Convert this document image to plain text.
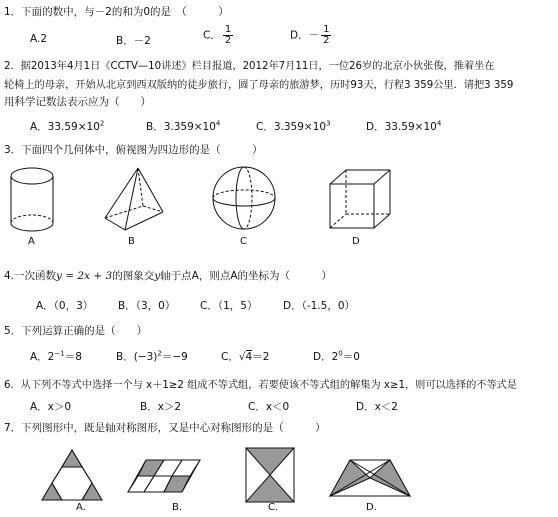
1．下面的数中，与－2的和为0的是　（　　　）
A.2	B．－2	C． $\frac{1}{2}$	D．－ $\frac{1}{2}$
2．据2013年4月1日《CCTV—10讲述》栏目报道，2012年7月11日，一位26岁的北京小伙张俊，推着坐在
轮椅上的母亲，开始从北京到西双版纳的徒步旅行，圆了母亲的旅游梦，历时93天，行程3 359公里．请把3 359
用科学记数法表示应为（　　）
A．$33.59\times 10^2$	B．$3.359\times 10^4$	C．$3.359\times 10^3$	D．$33.59\times 10^4$
3．下面四个几何体中，俯视图为四边形的是（　　　）
A	B	C	D
4.一次函数y = 2x + 3的图象交y轴于点A，则点A的坐标为（　　　）
A．（0，3） B．（3，0） C．（1，5） D．（-1.5，0）
5．下列运算正确的是（　　）
A．$2^{-1}=8$	B．$(-3)^2=-9$	C．√4＝2	D．$2^0=0$
6．从下列不等式中选择一个与 x＋1≥2 组成不等式组，若要使该不等式组的解集为 x≥1，则可以选择的不等式是
A．x＞0	B．x＞2	C．x＜0	D．x＜2
7．下列图形中，既是轴对称图形，又是中心对称图形的是（　　　）
A.	B.	C.	D.
